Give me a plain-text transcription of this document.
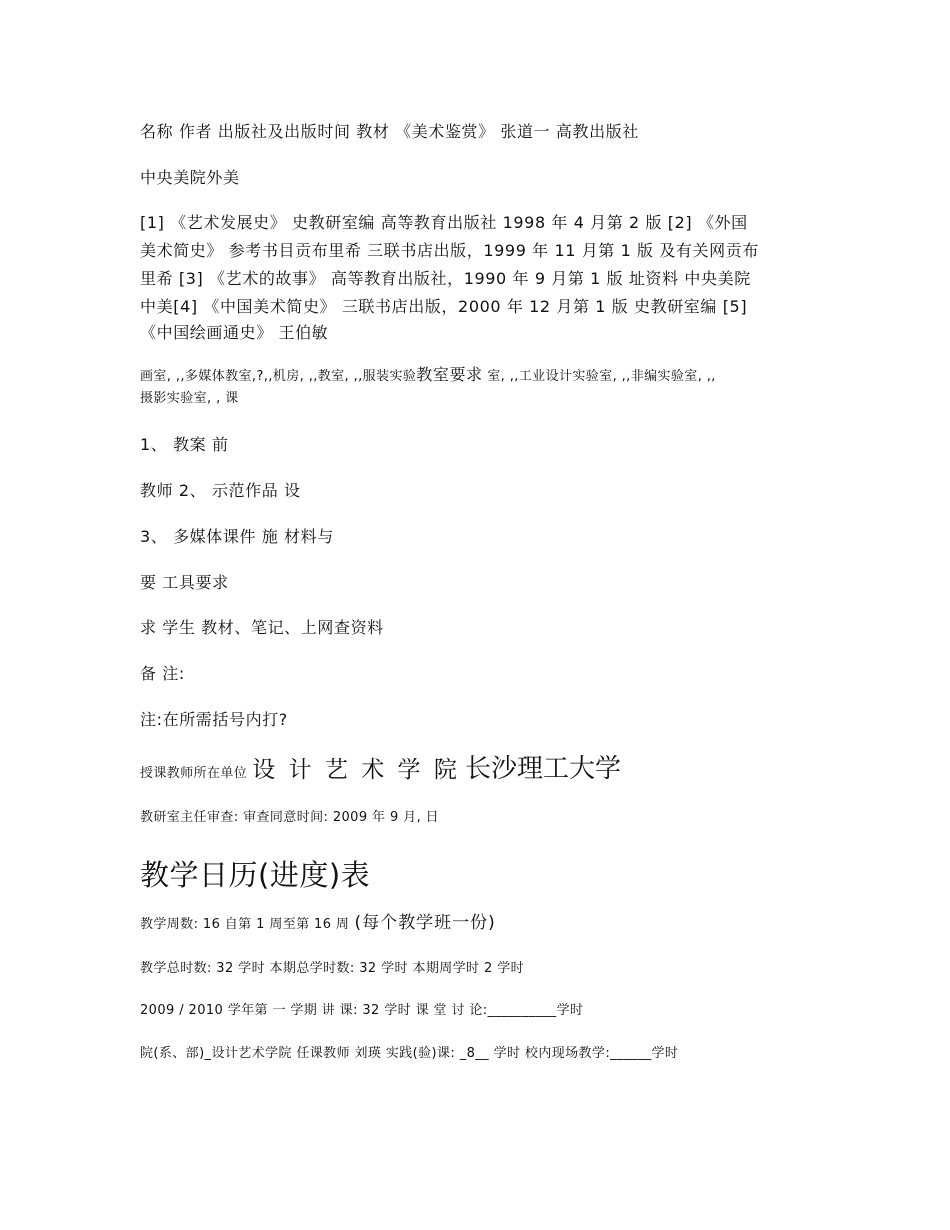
名称 作者 出版社及出版时间 教材 《美术鉴赏》 张道一 高教出版社
中央美院外美
[1] 《艺术发展史》 史教研室编 高等教育出版社 1998 年 4 月第 2 版 [2] 《外国
美术简史》 参考书目贡布里希 三联书店出版，1999 年 11 月第 1 版 及有关网贡布
里希 [3] 《艺术的故事》 高等教育出版社，1990 年 9 月第 1 版 址资料 中央美院
中美[4] 《中国美术简史》 三联书店出版，2000 年 12 月第 1 版 史教研室编 [5]
《中国绘画通史》 王伯敏
画室, ,,多媒体教室,?,,机房, ,,教室, ,,服装实验教室要求 室, ,,工业设计实验室, ,,非编实验室, ,,
摄影实验室, , 课
1、 教案 前
教师 2、 示范作品 设
3、 多媒体课件 施 材料与
要 工具要求
求 学生 教材、笔记、上网查资料
备 注:
注:在所需括号内打?
授课教师所在单位 设 计 艺 术 学 院 长沙理工大学
教研室主任审查: 审查同意时间: 2009 年 9 月, 日
教学日历(进度)表
教学周数: 16 自第 1 周至第 16 周 (每个教学班一份)
教学总时数: 32 学时 本期总学时数: 32 学时 本期周学时 2 学时
2009 / 2010 学年第 一 学期 讲 课: 32 学时 课 堂 讨 论:__________学时
院(系、部)_设计艺术学院 任课教师 刘瑛 实践(验)课: _8__ 学时 校内现场教学:______学时
